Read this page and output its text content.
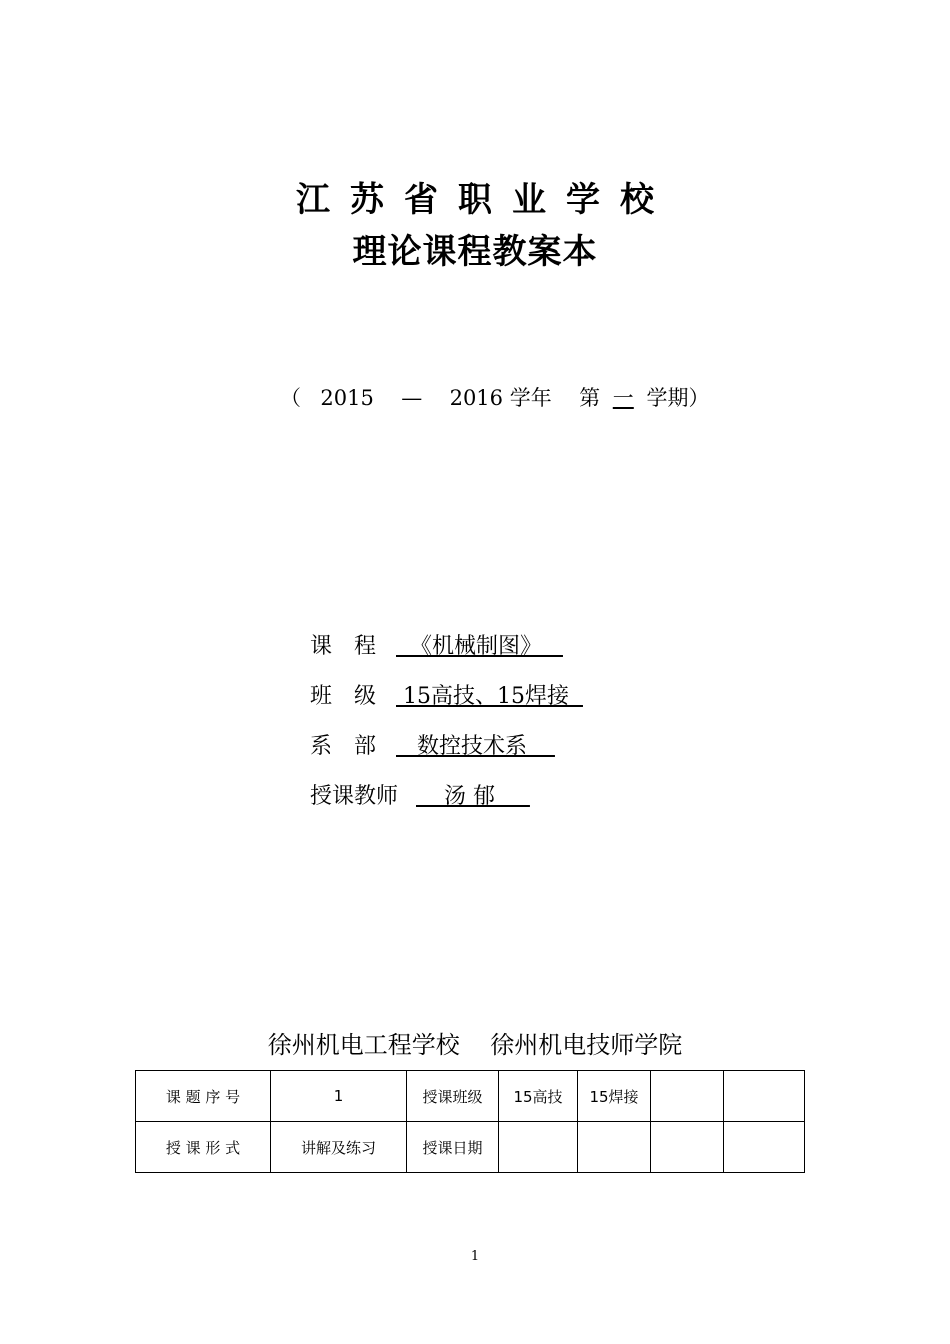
江苏省职业学校
理论课程教案本
（ 2015 — 2016 学年 第 一 学期）
课　程  《机械制图》
班　级 15高技、15焊接
系　部   数控技术系
授课教师    汤 郁
徐州机电工程学校    徐州机电技师学院
课 题 序 号	1	授课班级	15高技	15焊接		
授 课 形 式	讲解及练习	授课日期				
1
